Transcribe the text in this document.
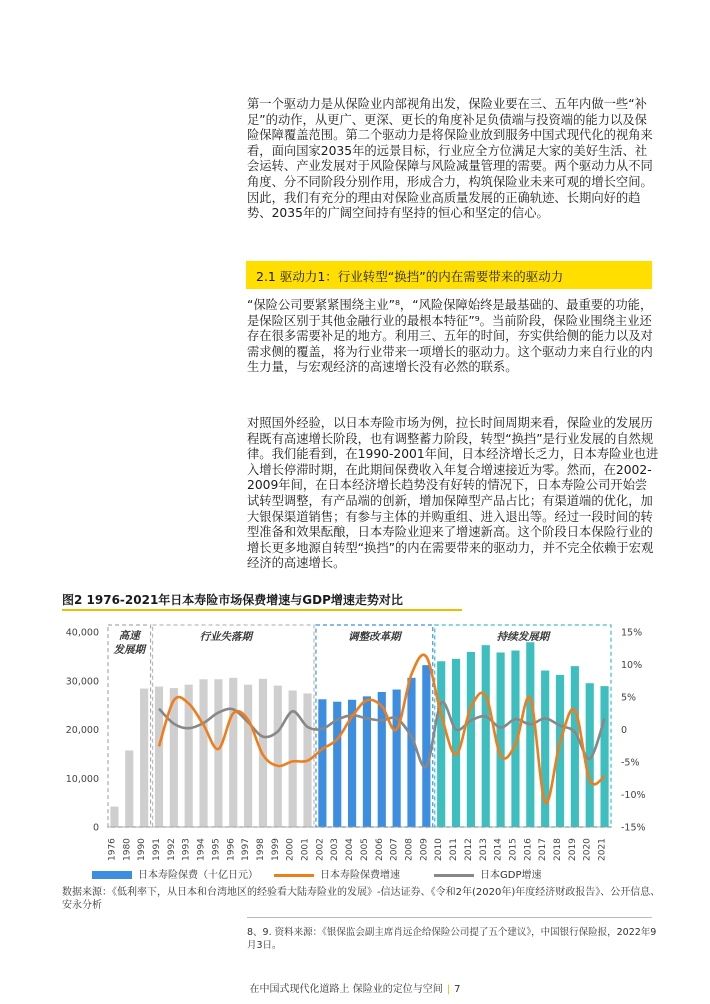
第一个驱动力是从保险业内部视角出发，保险业要在三、五年内做一些“补足”的动作，从更广、更深、更长的角度补足负债端与投资端的能力以及保险保障覆盖范围。第二个驱动力是将保险业放到服务中国式现代化的视角来看，面向国家2035年的远景目标，行业应全方位满足大家的美好生活、社会运转、产业发展对于风险保障与风险减量管理的需要。两个驱动力从不同角度、分不同阶段分别作用，形成合力，构筑保险业未来可观的增长空间。因此，我们有充分的理由对保险业高质量发展的正确轨迹、长期向好的趋势、2035年的广阔空间持有坚持的恒心和坚定的信心。
2.1 驱动力1：行业转型“换挡”的内在需要带来的驱动力
“保险公司要紧紧围绕主业”⁸，“风险保障始终是最基础的、最重要的功能，是保险区别于其他金融行业的最根本特征”⁹。当前阶段，保险业围绕主业还存在很多需要补足的地方。利用三、五年的时间，夯实供给侧的能力以及对需求侧的覆盖，将为行业带来一项增长的驱动力。这个驱动力来自行业的内生力量，与宏观经济的高速增长没有必然的联系。
对照国外经验，以日本寿险市场为例，拉长时间周期来看，保险业的发展历程既有高速增长阶段，也有调整蓄力阶段，转型“换挡”是行业发展的自然规律。我们能看到，在1990-2001年间，日本经济增长乏力，日本寿险业也进入增长停滞时期，在此期间保费收入年复合增速接近为零。然而，在2002-2009年间，在日本经济增长趋势没有好转的情况下，日本寿险公司开始尝试转型调整，有产品端的创新，增加保障型产品占比；有渠道端的优化，加大银保渠道销售；有参与主体的并购重组、进入退出等。经过一段时间的转型准备和效果酝酿，日本寿险业迎来了增速新高。这个阶段日本保险行业的增长更多地源自转型“换挡”的内在需要带来的驱动力，并不完全依赖于宏观经济的高速增长。
图2 1976-2021年日本寿险市场保费增速与GDP增速走势对比
40,000
30,000
20,000
10,000
0
15%
10%
5%
0
-5%
-10%
-15%
高速
发展期
行业失落期	调整改革期	持续发展期
1976 1980 1990 1991 1992 1993 1994 1995 1996 1997 1998 1999 2000 2001 2002 2003 2004 2005 2006 2007 2008 2009 2010 2011 2012 2013 2014 2015 2016 2017 2018 2019 2020 2021
日本寿险保费（十亿日元）	日本寿险保费增速	日本GDP增速
数据来源：《低利率下，从日本和台湾地区的经验看大陆寿险业的发展》-信达证券、《令和2年(2020年)年度经济财政报告》、公开信息、安永分析
8、9. 资料来源：《银保监会副主席肖远企给保险公司提了五个建议》，中国银行保险报，2022年9月3日。
在中国式现代化道路上 保险业的定位与空间 | 7
